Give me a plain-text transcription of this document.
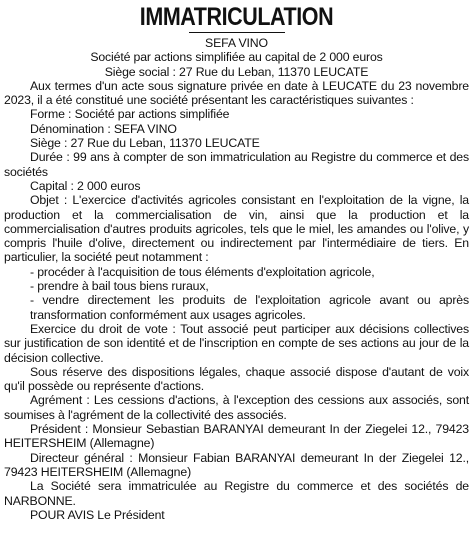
IMMATRICULATION

SEFA VINO

Société par actions simplifiée au capital de 2 000 euros

Siège social : 27 Rue du Leban, 11370 LEUCATE

Aux termes d'un acte sous signature privée en date à LEUCATE du 23 novembre 2023, il a été constitué une société présentant les caractéristiques suivantes :

Forme : Société par actions simplifiée

Dénomination : SEFA VINO

Siège : 27 Rue du Leban, 11370 LEUCATE

Durée : 99 ans à compter de son immatriculation au Registre du commerce et des sociétés

Capital : 2 000 euros

Objet : L'exercice d'activités agricoles consistant en l'exploitation de la vigne, la production et la commercialisation de vin, ainsi que la production et la commercialisation d'autres produits agricoles, tels que le miel, les amandes ou l'olive, y compris l'huile d'olive, directement ou indirectement par l'intermédiaire de tiers. En particulier, la société peut notamment :

- procéder à l'acquisition de tous éléments d'exploitation agricole,

- prendre à bail tous biens ruraux,

- vendre directement les produits de l'exploitation agricole avant ou après transformation conformément aux usages agricoles.

Exercice du droit de vote : Tout associé peut participer aux décisions collectives sur justification de son identité et de l'inscription en compte de ses actions au jour de la décision collective.

Sous réserve des dispositions légales, chaque associé dispose d'autant de voix qu'il possède ou représente d'actions.

Agrément : Les cessions d'actions, à l'exception des cessions aux associés, sont soumises à l'agrément de la collectivité des associés.

Président : Monsieur Sebastian BARANYAI demeurant In der Ziegelei 12., 79423 HEITERSHEIM (Allemagne)

Directeur général : Monsieur Fabian BARANYAI demeurant In der Ziegelei 12., 79423 HEITERSHEIM (Allemagne)

La Société sera immatriculée au Registre du commerce et des sociétés de NARBONNE.

POUR AVIS Le Président
